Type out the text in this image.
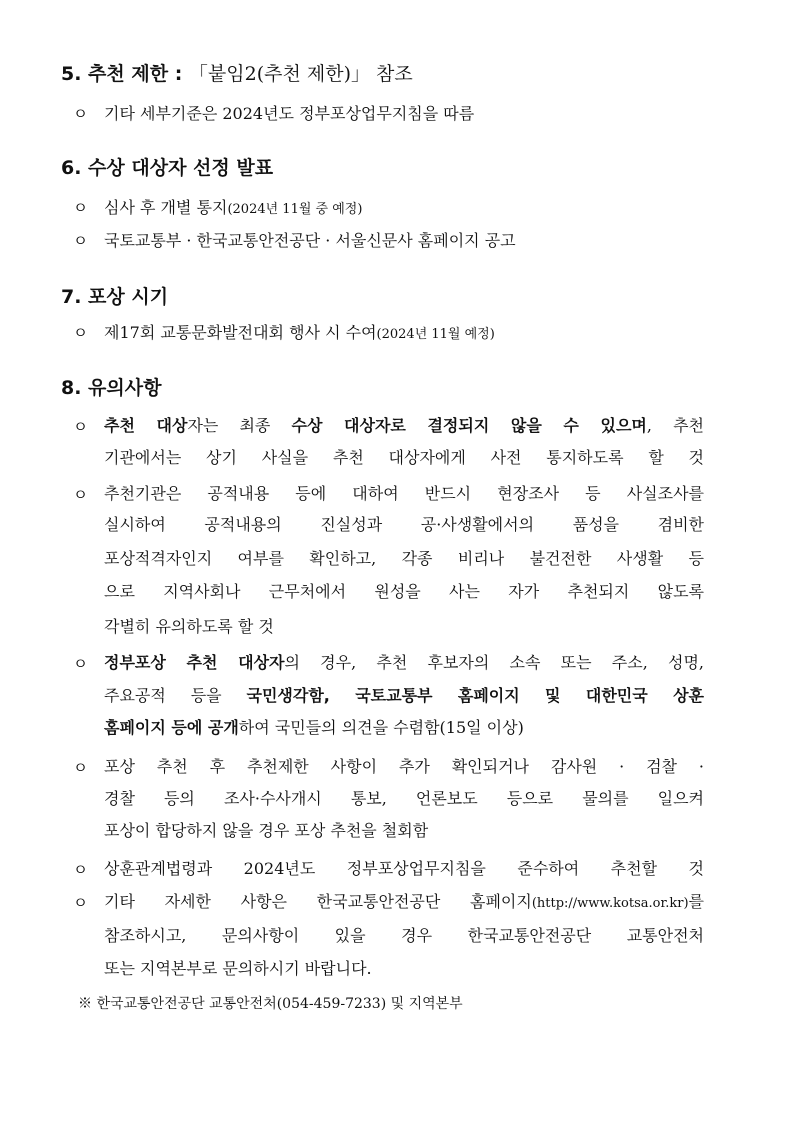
5. 추천 제한 : 「붙임2(추천 제한)」 참조
ㅇ 기타 세부기준은 2024년도 정부포상업무지침을 따름
6. 수상 대상자 선정 발표
ㅇ 심사 후 개별 통지(2024년 11월 중 예정)
ㅇ 국토교통부 · 한국교통안전공단 · 서울신문사 홈페이지 공고
7. 포상 시기
ㅇ 제17회 교통문화발전대회 행사 시 수여(2024년 11월 예정)
8. 유의사항
ㅇ 추천 대상자는 최종 수상 대상자로 결정되지 않을 수 있으며, 추천
기관에서는 상기 사실을 추천 대상자에게 사전 통지하도록 할 것
ㅇ 추천기관은 공적내용 등에 대하여 반드시 현장조사 등 사실조사를
실시하여 공적내용의 진실성과 공·사생활에서의 품성을 겸비한
포상적격자인지 여부를 확인하고, 각종 비리나 불건전한 사생활 등
으로 지역사회나 근무처에서 원성을 사는 자가 추천되지 않도록
각별히 유의하도록 할 것
ㅇ 정부포상 추천 대상자의 경우, 추천 후보자의 소속 또는 주소, 성명,
주요공적 등을 국민생각함, 국토교통부 홈페이지 및 대한민국 상훈
홈페이지 등에 공개하여 국민들의 의견을 수렴함(15일 이상)
ㅇ 포상 추천 후 추천제한 사항이 추가 확인되거나 감사원 · 검찰 ·
경찰 등의 조사·수사개시 통보, 언론보도 등으로 물의를 일으켜
포상이 합당하지 않을 경우 포상 추천을 철회함
ㅇ 상훈관계법령과 2024년도 정부포상업무지침을 준수하여 추천할 것
ㅇ 기타 자세한 사항은 한국교통안전공단 홈페이지(http://www.kotsa.or.kr)를
참조하시고, 문의사항이 있을 경우 한국교통안전공단 교통안전처
또는 지역본부로 문의하시기 바랍니다.
※ 한국교통안전공단 교통안전처(054-459-7233) 및 지역본부
